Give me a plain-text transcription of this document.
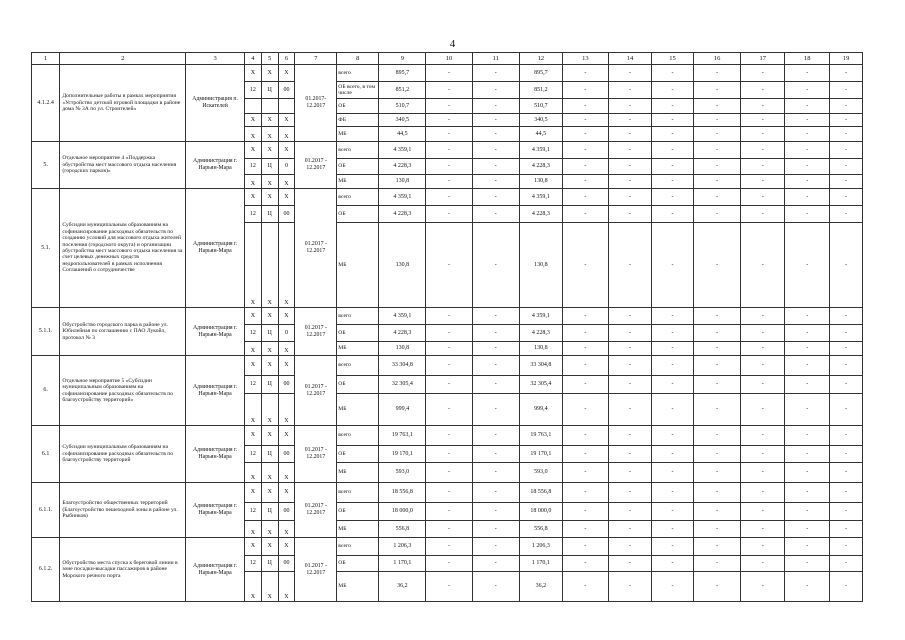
4
1	2	3	4	5	6	7	8	9	10	11	12	13	14	15	16	17	18	19
4.1.2.4	Дополнительные работы в рамках мероприятия «Устройство детской игровой площадки в районе дома № 3А по ул. Строителей»	Администрация п. Искателей	X	X	X	01.2017-12.2017	всего	895,7	-	-	895,7	-	-	-	-	-	-	-
			12	Ц	00		ОБ всего, в том числе	851,2	-	-	851,2	-	-	-	-	-	-	-
							ОБ	510,7	-	-	510,7	-	-	-	-	-	-	-
			X	X	X		ФБ	340,5	-	-	340,5	-	-	-	-	-	-	-
			X	X	X		МБ	44,5	-	-	44,5	-	-	-	-	-	-	-
5.	Отдельное мероприятие 4 «Поддержка обустройства мест массового отдыха населения (городских парков)»	Администрация г. Нарьян-Мара	X	X	X	01.2017 - 12.2017	всего	4 359,1	-	-	4 359,1	-	-	-	-	-	-	-
			12	Ц	0		ОБ	4 228,3	-	-	4 228,3	-	-	-	-	-	-	-
			X	X	X		МБ	130,8	-	-	130,8	-	-	-	-	-	-	-
5.1.	Субсидии муниципальным образованиям на софинансирование расходных обязательств по созданию условий для массового отдыха жителей поселения (городского округа) и организации обустройства мест массового отдыха населения за счет целевых денежных средств недропользователей в рамках исполнения Соглашений о сотрудничестве	Администрация г. Нарьян-Мара	X	X	X	01.2017 - 12.2017	всего	4 359,1	-	-	4 359,1	-	-	-	-	-	-	-
			12	Ц	00		ОБ	4 228,3	-	-	4 228,3	-	-	-	-	-	-	-
			X	X	X		МБ	130,8	-	-	130,8	-	-	-	-	-	-	-
5.1.1.	Обустройство городского парка в районе ул. Юбилейная по соглашению с ПАО Лукойл, протокол № 3	Администрация г. Нарьян-Мара	X	X	X	01.2017 - 12.2017	всего	4 359,1	-	-	4 359,1	-	-	-	-	-	-	-
			12	Ц	0		ОБ	4 228,3	-	-	4 228,3	-	-	-	-	-	-	-
			X	X	X		МБ	130,8	-	-	130,8	-	-	-	-	-	-	-
6.	Отдельное мероприятие 5 «Субсидии муниципальным образованиям на софинансирование расходных обязательств по благоустройству территорий»	Администрация г. Нарьян-Мара	X	X	X	01.2017 - 12.2017	всего	33 304,8	-	-	33 304,8	-	-	-	-	-	-	-
			12	Ц	00		ОБ	32 305,4	-	-	32 305,4	-	-	-	-	-	-	-
			X	X	X		МБ	999,4	-	-	999,4	-	-	-	-	-	-	-
6.1	Субсидии муниципальным образованиям на софинансирование расходных обязательств по благоустройству территорий	Администрация г. Нарьян-Мара	X	X	X	01.2017 - 12.2017	всего	19 763,1	-	-	19 763,1	-	-	-	-	-	-	-
			12	Ц	00		ОБ	19 170,1	-	-	19 170,1	-	-	-	-	-	-	-
			X	X	X		МБ	593,0	-	-	593,0	-	-	-	-	-	-	-
6.1.1.	Благоустройство общественных территорий (Благоустройство пешеходной зоны в районе ул. Рыбников)	Администрация г. Нарьян-Мара	X	X	X	01.2017 - 12.2017	всего	18 556,8	-	-	18 556,8	-	-	-	-	-	-	-
			12	Ц	00		ОБ	18 000,0	-	-	18 000,0	-	-	-	-	-	-	-
			X	X	X		МБ	556,8	-	-	556,8	-	-	-	-	-	-	-
6.1.2.	Обустройство места спуска к береговой линии в зоне посадки-высадки пассажиров в районе Морского речного порта	Администрация г. Нарьян-Мара	X	X	X	01.2017 - 12.2017	всего	1 206,3	-	-	1 206,3	-	-	-	-	-	-	-
			12	Ц	00		ОБ	1 170,1	-	-	1 170,1	-	-	-	-	-	-	-
			X	X	X		МБ	36,2	-	-	36,2	-	-	-	-	-	-	-
